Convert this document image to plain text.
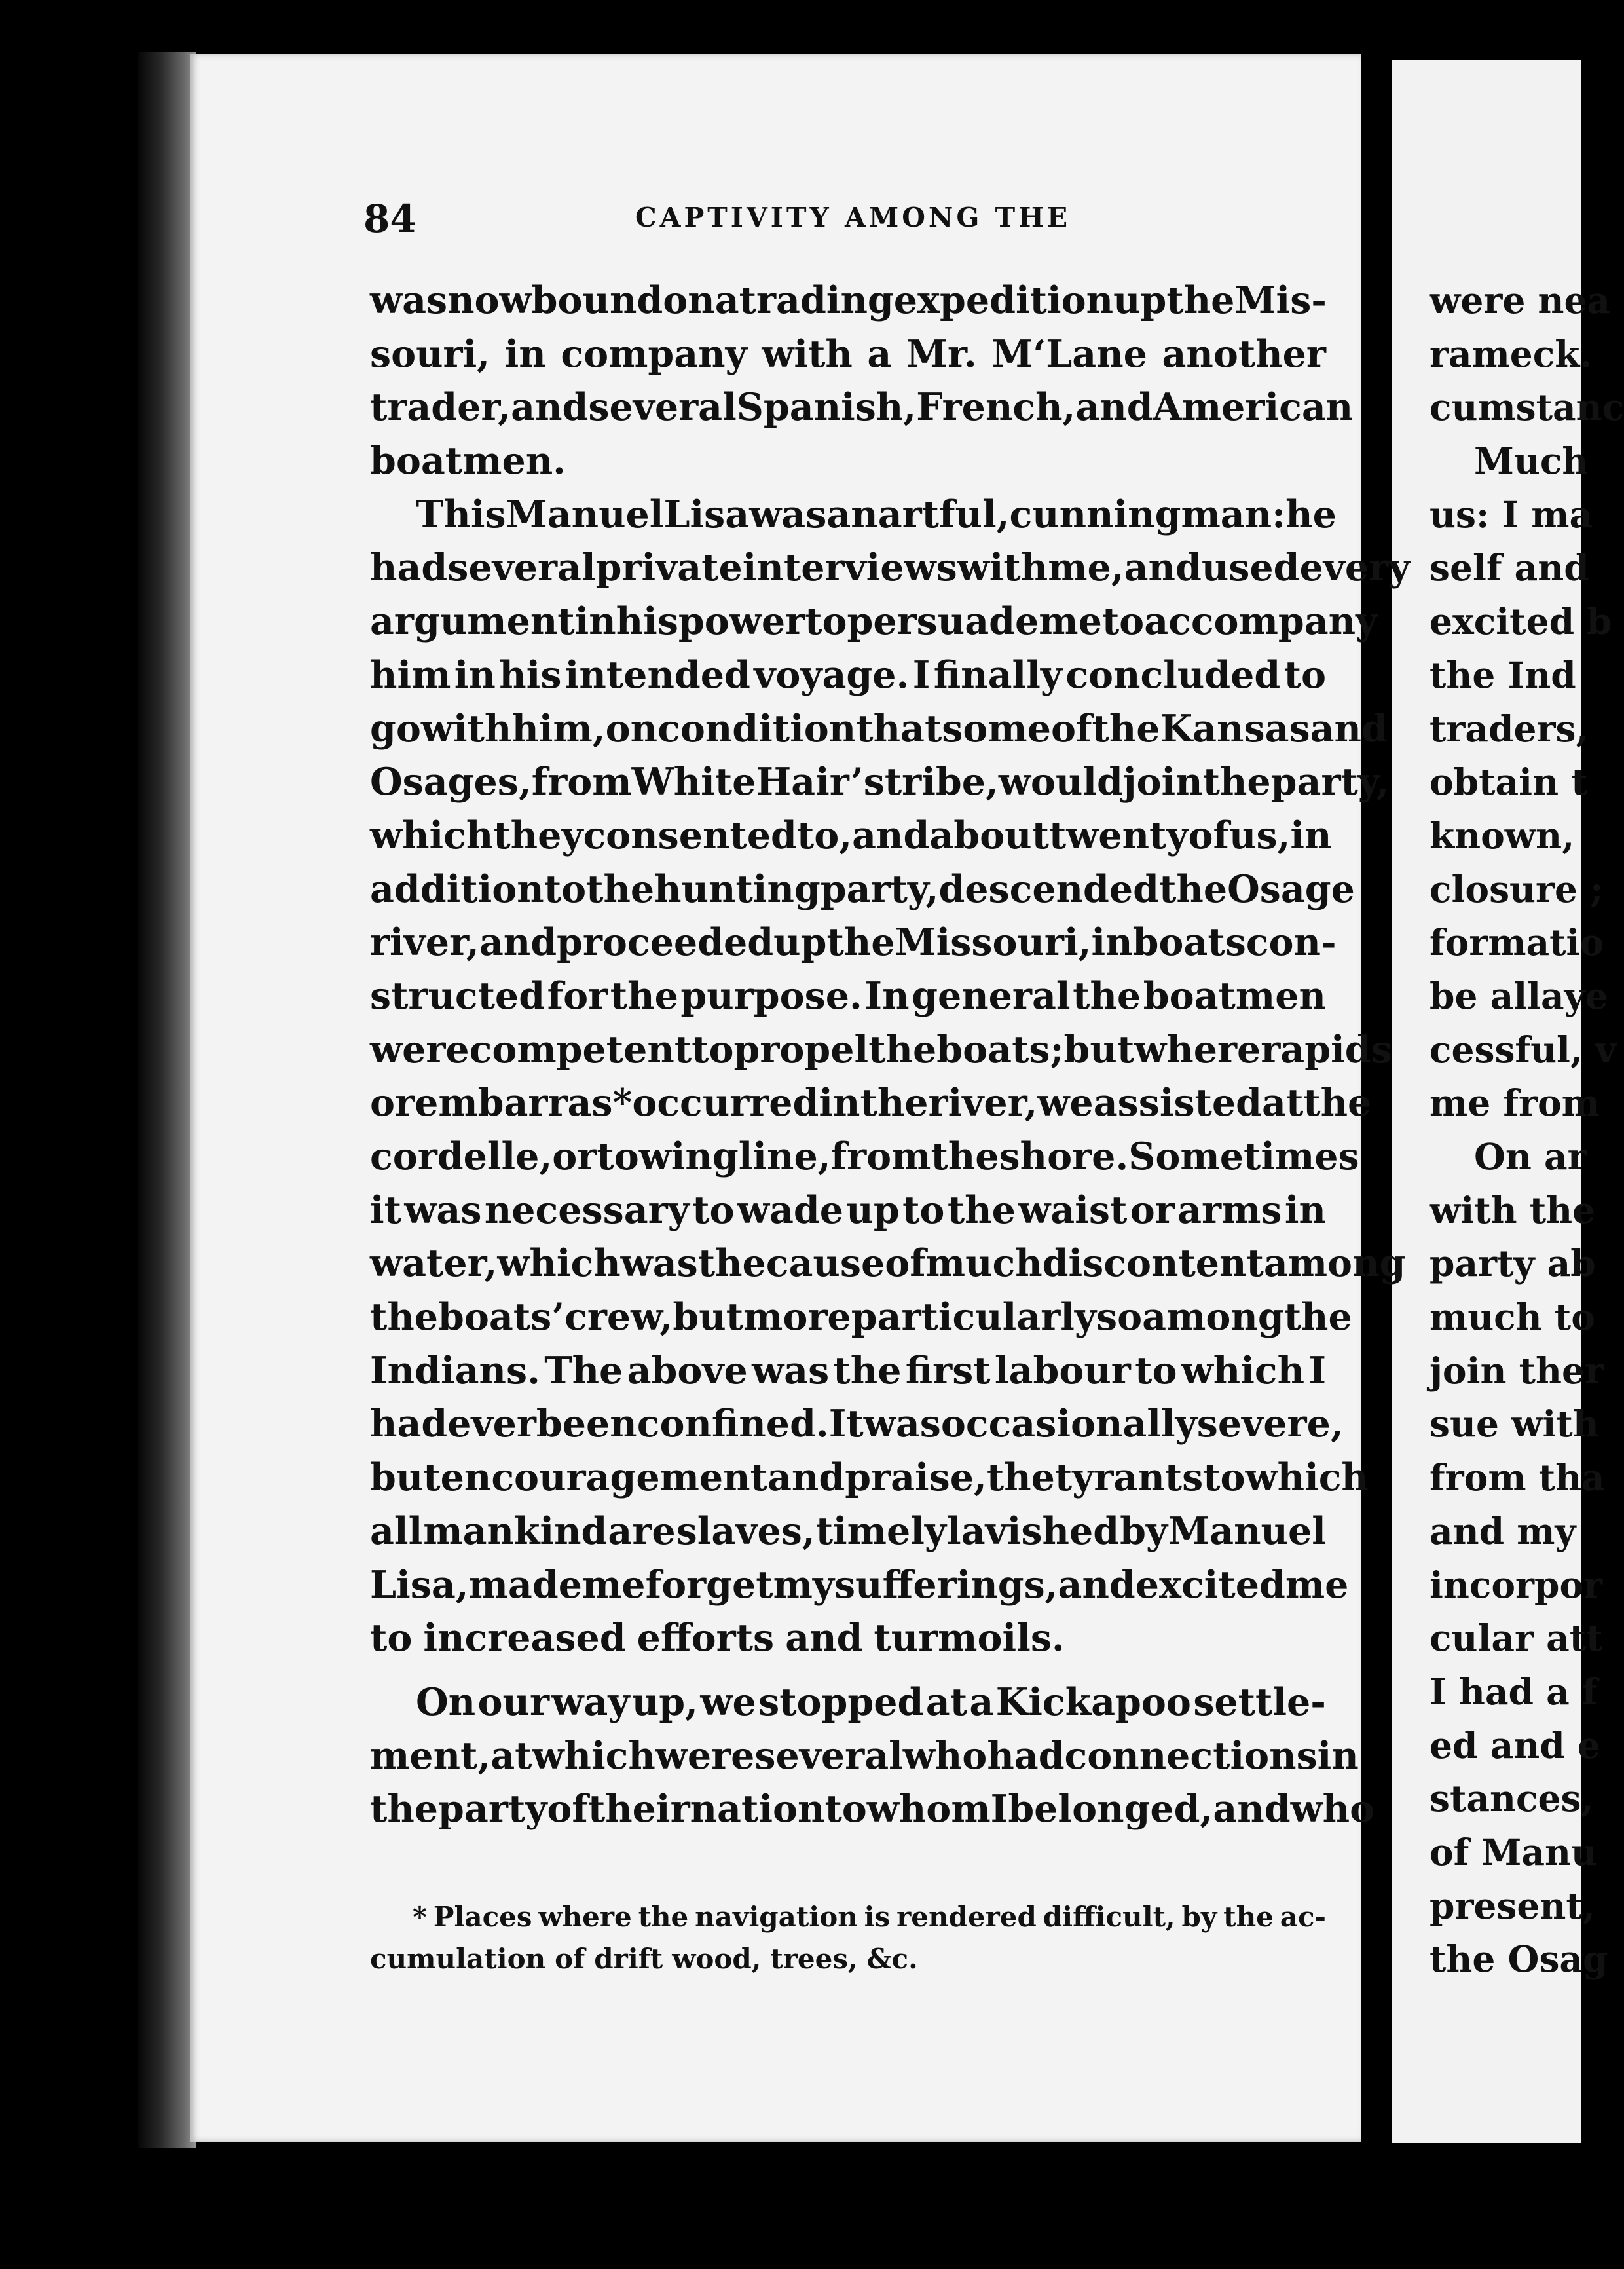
84	CAPTIVITY AMONG THE
was now bound on a trading expedition up the Mis-
souri, in company with a Mr. M‘Lane another
trader, and several Spanish, French, and American
boatmen.
This Manuel Lisa was an artful, cunning man: he
had several private interviews with me, and used every
argument in his power to persuade me to accompany
him in his intended voyage. I finally concluded to
go with him, on condition that some of the Kansas and
Osages, from White Hair’s tribe, would join the party,
which they consented to, and about twenty of us, in
addition to the hunting party, descended the Osage
river, and proceeded up the Missouri, in boats con-
structed for the purpose. In general the boatmen
were competent to propel the boats; but where rapids
or embarras* occurred in the river, we assisted at the
cordelle, or towing line, from the shore. Sometimes
it was necessary to wade up to the waist or arms in
water, which was the cause of much discontent among
the boats’ crew, but more particularly so among the
Indians. The above was the first labour to which I
had ever been confined. It was occasionally severe,
but encouragement and praise, the tyrants to which
all mankind are slaves, timely lavished by Manuel
Lisa, made me forget my sufferings, and excited me
to increased efforts and turmoils.
On our way up, we stopped at a Kickapoo settle-
ment, at which were several who had connections in
the party of their nation to whom I belonged, and who
* Places where the navigation is rendered difficult, by the ac-
cumulation of drift wood, trees, &c.
were nea
rameck.
cumstanc
Much
us: I ma
self and
excited b
the Ind
traders,
obtain t
known,
closure ;
formatio
be allaye
cessful, v
me from
On ar
with the
party ab
much to
join ther
sue with
from tha
and my
incorpor
cular att
I had a f
ed and e
stances,
of Manu
present,
the Osag
